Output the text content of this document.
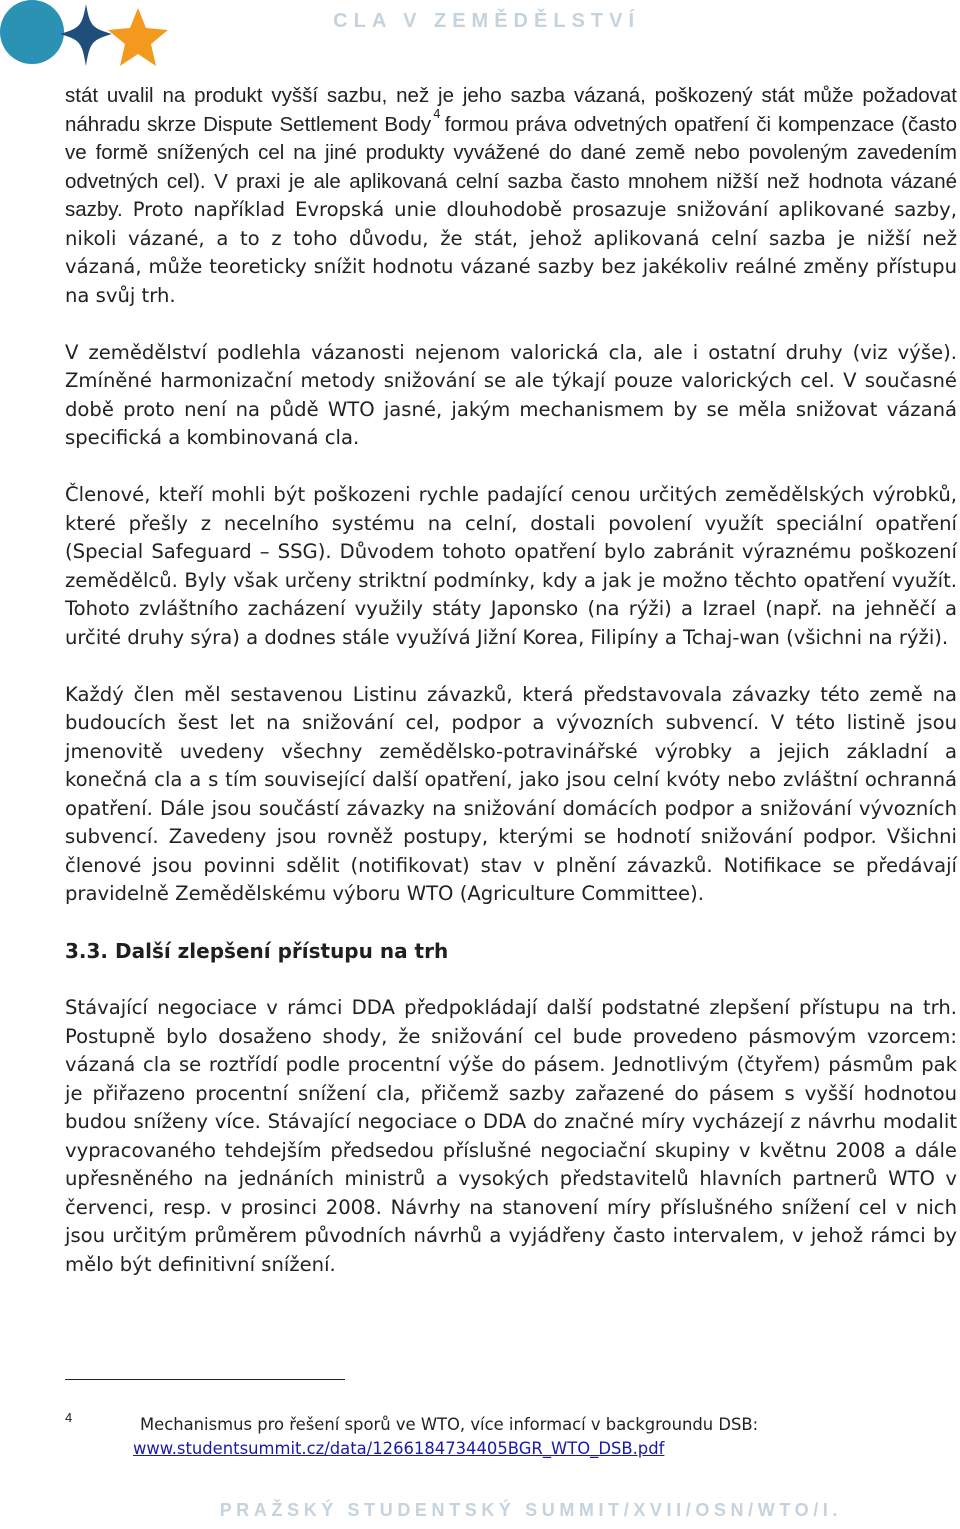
CLA V ZEMĚDĚLSTVÍ

stát uvalil na produkt vyšší sazbu, než je jeho sazba vázaná, poškozený stát může požadovat náhradu skrze Dispute Settlement Body $^4$ formou práva odvetných opatření či kompenzace (často ve formě snížených cel na jiné produkty vyvážené do dané země nebo povoleným zavedením odvetných cel). V praxi je ale aplikovaná celní sazba často mnohem nižší než hodnota vázané sazby. Proto například Evropská unie dlouhodobě prosazuje snižování aplikované sazby, nikoli vázané, a to z toho důvodu, že stát, jehož aplikovaná celní sazba je nižší než vázaná, může teoreticky snížit hodnotu vázané sazby bez jakékoliv reálné změny přístupu na svůj trh.

V zemědělství podlehla vázanosti nejenom valorická cla, ale i ostatní druhy (viz výše). Zmíněné harmonizační metody snižování se ale týkají pouze valorických cel. V současné době proto není na půdě WTO jasné, jakým mechanismem by se měla snižovat vázaná specifická a kombinovaná cla.

Členové, kteří mohli být poškozeni rychle padající cenou určitých zemědělských výrobků, které přešly z necelního systému na celní, dostali povolení využít speciální opatření (Special Safeguard – SSG). Důvodem tohoto opatření bylo zabránit výraznému poškození zemědělců. Byly však určeny striktní podmínky, kdy a jak je možno těchto opatření využít. Tohoto zvláštního zacházení využily státy Japonsko (na rýži) a Izrael (např. na jehněčí a určité druhy sýra) a dodnes stále využívá Jižní Korea, Filipíny a Tchaj-wan (všichni na rýži).

Každý člen měl sestavenou Listinu závazků, která představovala závazky této země na budoucích šest let na snižování cel, podpor a vývozních subvencí. V této listině jsou jmenovitě uvedeny všechny zemědělsko-potravinářské výrobky a jejich základní a konečná cla a s tím související další opatření, jako jsou celní kvóty nebo zvláštní ochranná opatření. Dále jsou součástí závazky na snižování domácích podpor a snižování vývozních subvencí. Zavedeny jsou rovněž postupy, kterými se hodnotí snižování podpor. Všichni členové jsou povinni sdělit (notifikovat) stav v plnění závazků. Notifikace se předávají pravidelně Zemědělskému výboru WTO (Agriculture Committee).

3.3. Další zlepšení přístupu na trh

Stávající negociace v rámci DDA předpokládají další podstatné zlepšení přístupu na trh. Postupně bylo dosaženo shody, že snižování cel bude provedeno pásmovým vzorcem: vázaná cla se roztřídí podle procentní výše do pásem. Jednotlivým (čtyřem) pásmům pak je přiřazeno procentní snížení cla, přičemž sazby zařazené do pásem s vyšší hodnotou budou sníženy více. Stávající negociace o DDA do značné míry vycházejí z návrhu modalit vypracovaného tehdejším předsedou příslušné negociační skupiny v květnu 2008 a dále upřesněného na jednáních ministrů a vysokých představitelů hlavních partnerů WTO v červenci, resp. v prosinci 2008. Návrhy na stanovení míry příslušného snížení cel v nich jsou určitým průměrem původních návrhů a vyjádřeny často intervalem, v jehož rámci by mělo být definitivní snížení.

4	Mechanismus pro řešení sporů ve WTO, více informací v backgroundu DSB:
www.studentsummit.cz/data/1266184734405BGR_WTO_DSB.pdf
PRAŽSKÝ STUDENTSKÝ SUMMIT/XVII/OSN/WTO/I.
